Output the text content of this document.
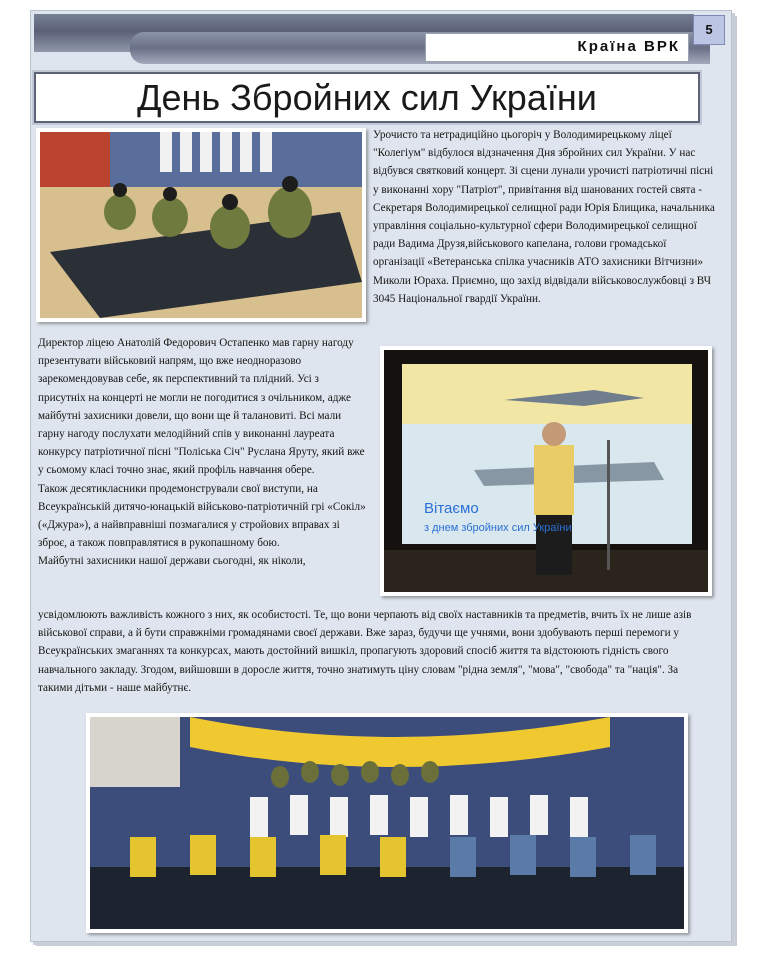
Країна ВРК
5
День Збройних сил України

Урочисто та нетрадиційно цьогоріч у Володимирецькому ліцеї "Колегіум" відбулося відзначення Дня збройних сил України. У нас відбувся святковий концерт. Зі сцени лунали урочисті патріотичні пісні у виконанні хору "Патріот", привітання від шанованих гостей свята - Секретаря Володимирецької селищної ради Юрія Блищика, начальника управління соціально-культурної сфери Володимирецької селищної ради Вадима Друзя,військового капелана, голови громадської організації «Ветеранська спілка учасників АТО захисники Вітчизни» Миколи Юраха. Приємно, що захід відвідали військовослужбовці з ВЧ 3045 Національної гвардії України.

Директор ліцею Анатолій Федорович Остапенко мав гарну нагоду презентувати військовий напрям, що вже неодноразово зарекомендовував себе, як перспективний та плідний. Усі з присутніх на концерті не могли не погодитися з очільником, адже майбутні захисники довели, що вони ще й талановиті. Всі мали гарну нагоду послухати мелодійний спів у виконанні лауреата конкурсу патріотичної пісні "Поліська Січ" Руслана Яруту, який вже у сьомому класі точно знає, який профіль навчання обере.

Також десятикласники продемонстрували свої виступи, на Всеукраїнській дитячо-юнацькій військово-патріотичній грі «Сокіл» («Джура»), а найвправніші позмагалися у стройових вправах зі зброє, а також повправлятися в рукопашному бою.

Майбутні захисники нашої держави сьогодні, як ніколи,

Вітаємо
з днем збройних сил України

усвідомлюють важливість кожного з них, як особистості. Те, що вони черпають від своїх наставників та предметів, вчить їх не лише азів військової справи, а й бути справжніми громадянами своєї держави. Вже зараз, будучи ще учнями, вони здобувають перші перемоги у Всеукраїнських змаганнях та конкурсах, мають достойний вишкіл, пропагують здоровий спосіб життя та відстоюють гідність свого навчального закладу. Згодом, вийшовши в доросле життя, точно знатимуть ціну словам "рідна земля", "мова", "свобода" та "нація". За такими дітьми - наше майбутнє.
